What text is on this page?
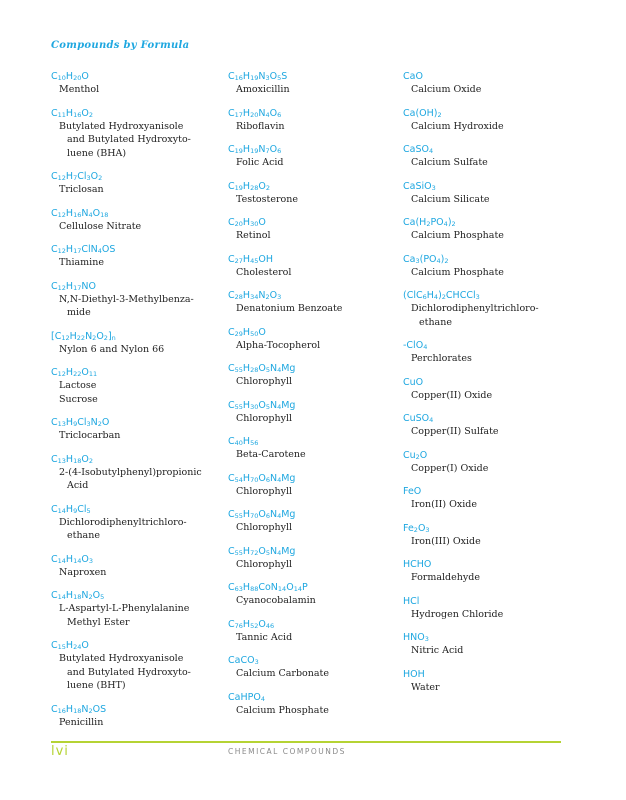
Compounds by Formula
$C_{10}H_{20}O$
Menthol
$C_{11}H_{16}O_2$
Butylated Hydroxyanisole
and Butylated Hydroxyto-
luene (BHA)
$C_{12}H_7Cl_3O_2$
Triclosan
$C_{12}H_{16}N_4O_{18}$
Cellulose Nitrate
$C_{12}H_{17}ClN_4OS$
Thiamine
$C_{12}H_{17}NO$
N,N-Diethyl-3-Methylbenza-
mide
$[C_{12}H_{22}N_2O_2]_n$
Nylon 6 and Nylon 66
$C_{12}H_{22}O_{11}$
Lactose
Sucrose
$C_{13}H_9Cl_3N_2O$
Triclocarban
$C_{13}H_{18}O_2$
2-(4-Isobutylphenyl)propionic
Acid
$C_{14}H_9Cl_5$
Dichlorodiphenyltrichloro-
ethane
$C_{14}H_{14}O_3$
Naproxen
$C_{14}H_{18}N_2O_5$
L-Aspartyl-L-Phenylalanine
Methyl Ester
$C_{15}H_{24}O$
Butylated Hydroxyanisole
and Butylated Hydroxyto-
luene (BHT)
$C_{16}H_{18}N_2OS$
Penicillin
$C_{16}H_{19}N_3O_5S$
Amoxicillin
$C_{17}H_{20}N_4O_6$
Riboflavin
$C_{19}H_{19}N_7O_6$
Folic Acid
$C_{19}H_{28}O_2$
Testosterone
$C_{20}H_{30}O$
Retinol
$C_{27}H_{45}OH$
Cholesterol
$C_{28}H_{34}N_2O_3$
Denatonium Benzoate
$C_{29}H_{50}O$
Alpha-Tocopherol
$C_{55}H_{28}O_5N_4Mg$
Chlorophyll
$C_{55}H_{30}O_5N_4Mg$
Chlorophyll
$C_{40}H_{56}$
Beta-Carotene
$C_{54}H_{70}O_6N_4Mg$
Chlorophyll
$C_{55}H_{70}O_6N_4Mg$
Chlorophyll
$C_{55}H_{72}O_5N_4Mg$
Chlorophyll
$C_{63}H_{88}CoN_{14}O_{14}P$
Cyanocobalamin
$C_{76}H_{52}O_{46}$
Tannic Acid
CaCO$_3$
Calcium Carbonate
CaHPO$_4$
Calcium Phosphate
CaO
Calcium Oxide
$Ca(OH)_2$
Calcium Hydroxide
CaSO$_4$
Calcium Sulfate
CaSiO$_3$
Calcium Silicate
$Ca(H_2PO_4)_2$
Calcium Phosphate
$Ca_3(PO_4)_2$
Calcium Phosphate
$(ClC_6H_4)_2CHCCl_3$
Dichlorodiphenyltrichloro-
ethane
-ClO$_4$
Perchlorates
CuO
Copper(II) Oxide
CuSO$_4$
Copper(II) Sulfate
$Cu_2O$
Copper(I) Oxide
FeO
Iron(II) Oxide
$Fe_2O_3$
Iron(III) Oxide
HCHO
Formaldehyde
HCl
Hydrogen Chloride
$HNO_3$
Nitric Acid
HOH
Water
lvi	CHEMICAL COMPOUNDS
